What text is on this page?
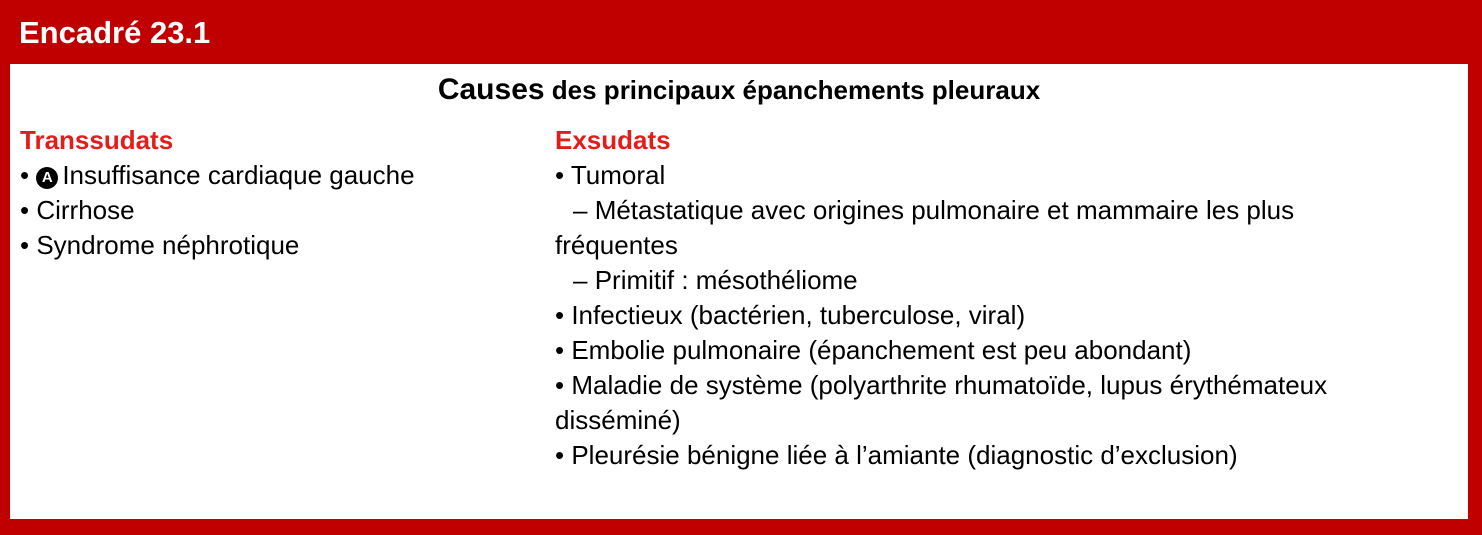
Encadré 23.1
Causes des principaux épanchements pleuraux
Transsudats
• A Insuffisance cardiaque gauche
• Cirrhose
• Syndrome néphrotique
Exsudats
• Tumoral
– Métastatique avec origines pulmonaire et mammaire les plus
fréquentes
– Primitif : mésothéliome
• Infectieux (bactérien, tuberculose, viral)
• Embolie pulmonaire (épanchement est peu abondant)
• Maladie de système (polyarthrite rhumatoïde, lupus érythémateux
disséminé)
• Pleurésie bénigne liée à l’amiante (diagnostic d’exclusion)
